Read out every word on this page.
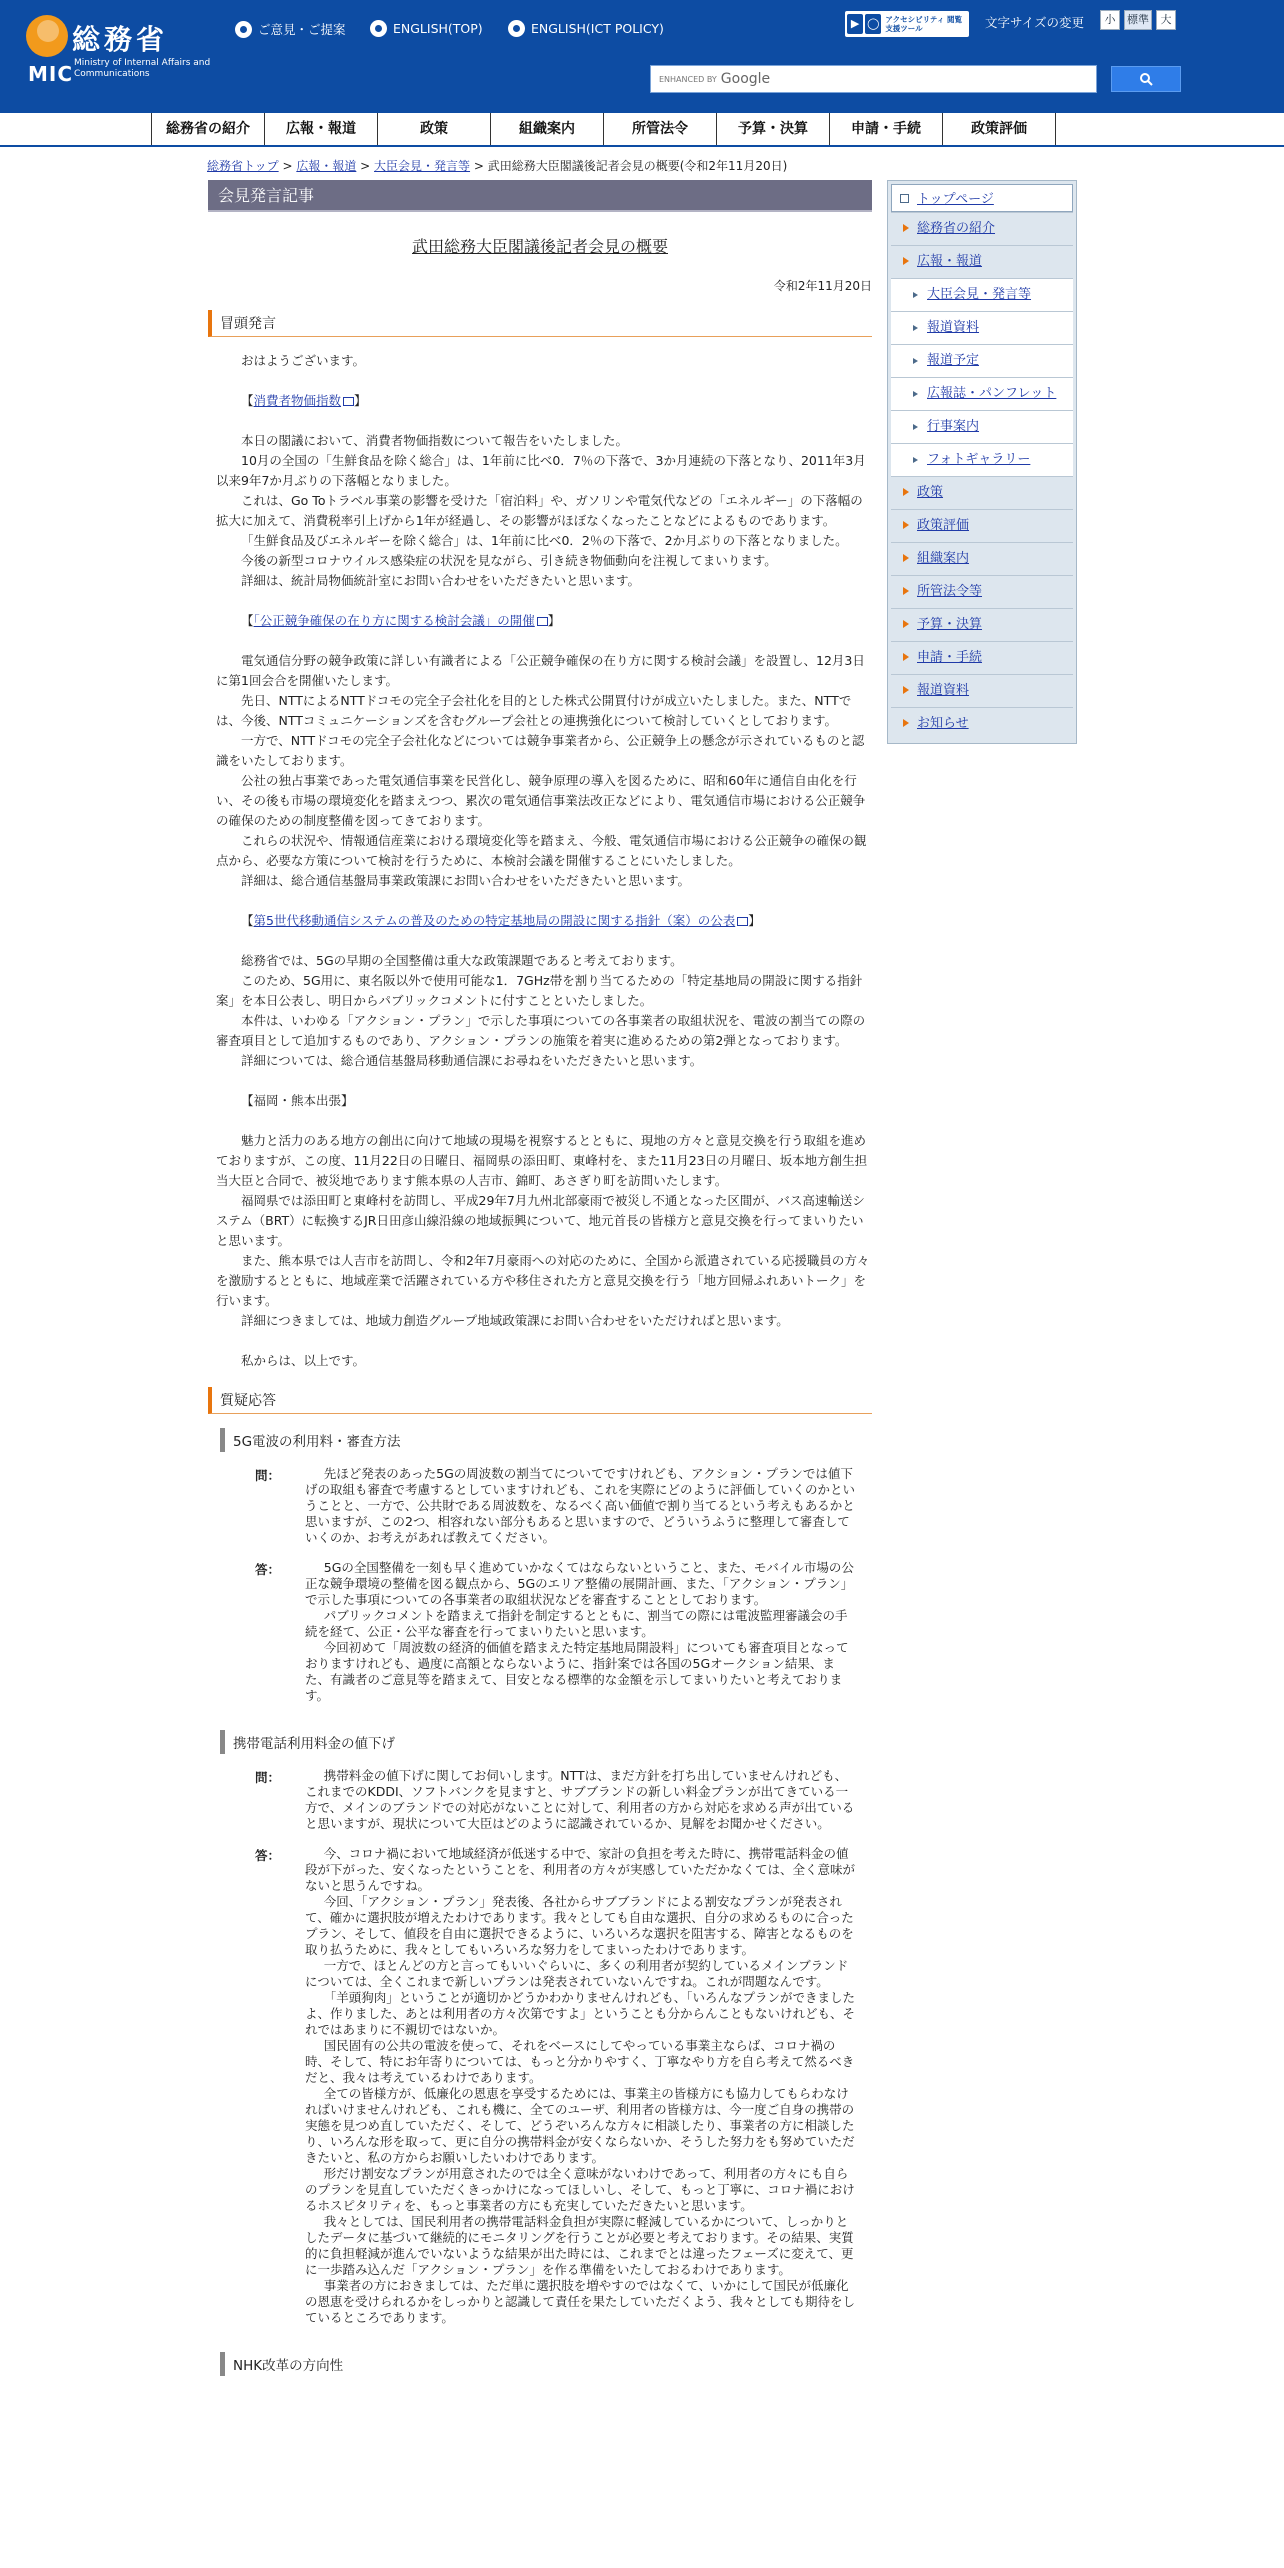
総務省
MIC Ministry of Internal Affairs and Communications
ご意見・ご提案	ENGLISH(TOP)	ENGLISH(ICT POLICY)	▶ ◯ アクセシビリティ 閲覧支援ツール	文字サイズの変更	小	標準	大
ENHANCED BY Google
総務省の紹介	広報・報道	政策	組織案内	所管法令	予算・決算	申請・手続	政策評価
総務省トップ > 広報・報道 > 大臣会見・発言等 > 武田総務大臣閣議後記者会見の概要(令和2年11月20日)
会見発言記事
武田総務大臣閣議後記者会見の概要
令和2年11月20日
冒頭発言

おはようございます。

【消費者物価指数 】

本日の閣議において、消費者物価指数について報告をいたしました。

10月の全国の「生鮮食品を除く総合」は、1年前に比べ0．7％の下落で、3か月連続の下落となり、2011年3月以来9年7か月ぶりの下落幅となりました。

これは、Go Toトラベル事業の影響を受けた「宿泊料」や、ガソリンや電気代などの「エネルギー」の下落幅の拡大に加えて、消費税率引上げから1年が経過し、その影響がほぼなくなったことなどによるものであります。

「生鮮食品及びエネルギーを除く総合」は、1年前に比べ0．2％の下落で、2か月ぶりの下落となりました。

今後の新型コロナウイルス感染症の状況を見ながら、引き続き物価動向を注視してまいります。

詳細は、統計局物価統計室にお問い合わせをいただきたいと思います。

【「公正競争確保の在り方に関する検討会議」の開催 】

電気通信分野の競争政策に詳しい有識者による「公正競争確保の在り方に関する検討会議」を設置し、12月3日に第1回会合を開催いたします。

先日、NTTによるNTTドコモの完全子会社化を目的とした株式公開買付けが成立いたしました。また、NTTでは、今後、NTTコミュニケーションズを含むグループ会社との連携強化について検討していくとしております。

一方で、NTTドコモの完全子会社化などについては競争事業者から、公正競争上の懸念が示されているものと認識をいたしております。

公社の独占事業であった電気通信事業を民営化し、競争原理の導入を図るために、昭和60年に通信自由化を行い、その後も市場の環境変化を踏まえつつ、累次の電気通信事業法改正などにより、電気通信市場における公正競争の確保のための制度整備を図ってきております。

これらの状況や、情報通信産業における環境変化等を踏まえ、今般、電気通信市場における公正競争の確保の観点から、必要な方策について検討を行うために、本検討会議を開催することにいたしました。

詳細は、総合通信基盤局事業政策課にお問い合わせをいただきたいと思います。

【第5世代移動通信システムの普及のための特定基地局の開設に関する指針（案）の公表 】

総務省では、5Gの早期の全国整備は重大な政策課題であると考えております。

このため、5G用に、東名阪以外で使用可能な1．7GHz帯を割り当てるための「特定基地局の開設に関する指針案」を本日公表し、明日からパブリックコメントに付すことといたしました。

本件は、いわゆる「アクション・プラン」で示した事項についての各事業者の取組状況を、電波の割当ての際の審査項目として追加するものであり、アクション・プランの施策を着実に進めるための第2弾となっております。

詳細については、総合通信基盤局移動通信課にお尋ねをいただきたいと思います。

【福岡・熊本出張】

魅力と活力のある地方の創出に向けて地域の現場を視察するとともに、現地の方々と意見交換を行う取組を進めておりますが、この度、11月22日の日曜日、福岡県の添田町、東峰村を、また11月23日の月曜日、坂本地方創生担当大臣と合同で、被災地であります熊本県の人吉市、錦町、あさぎり町を訪問いたします。

福岡県では添田町と東峰村を訪問し、平成29年7月九州北部豪雨で被災し不通となった区間が、バス高速輸送システム（BRT）に転換するJR日田彦山線沿線の地域振興について、地元首長の皆様方と意見交換を行ってまいりたいと思います。

また、熊本県では人吉市を訪問し、令和2年7月豪雨への対応のために、全国から派遣されている応援職員の方々を激励するとともに、地域産業で活躍されている方や移住された方と意見交換を行う「地方回帰ふれあいトーク」を行います。

詳細につきましては、地域力創造グループ地域政策課にお問い合わせをいただければと思います。

私からは、以上です。

質疑応答
5G電波の利用料・審査方法
問：	先ほど発表のあった5Gの周波数の割当てについてですけれども、アクション・プランでは値下げの取組も審査で考慮するとしていますけれども、これを実際にどのように評価していくのかということと、一方で、公共財である周波数を、なるべく高い価値で割り当てるという考えもあるかと思いますが、この2つ、相容れない部分もあると思いますので、どういうふうに整理して審査していくのか、お考えがあれば教えてください。

答：	5Gの全国整備を一刻も早く進めていかなくてはならないということ、また、モバイル市場の公正な競争環境の整備を図る観点から、5Gのエリア整備の展開計画、また、「アクション・プラン」で示した事項についての各事業者の取組状況などを審査することとしております。

パブリックコメントを踏まえて指針を制定するとともに、割当ての際には電波監理審議会の手続を経て、公正・公平な審査を行ってまいりたいと思います。

今回初めて「周波数の経済的価値を踏まえた特定基地局開設料」についても審査項目となっておりますけれども、過度に高額とならないように、指針案では各国の5Gオークション結果、また、有識者のご意見等を踏まえて、目安となる標準的な金額を示してまいりたいと考えております。

携帯電話利用料金の値下げ
問：	携帯料金の値下げに関してお伺いします。NTTは、まだ方針を打ち出していませんけれども、これまでのKDDI、ソフトバンクを見ますと、サブブランドの新しい料金プランが出てきている一方で、メインのブランドでの対応がないことに対して、利用者の方から対応を求める声が出ていると思いますが、現状について大臣はどのように認識されているか、見解をお聞かせください。

答：	今、コロナ禍において地域経済が低迷する中で、家計の負担を考えた時に、携帯電話料金の値段が下がった、安くなったということを、利用者の方々が実感していただかなくては、全く意味がないと思うんですね。

今回、「アクション・プラン」発表後、各社からサブブランドによる割安なプランが発表されて、確かに選択肢が増えたわけであります。我々としても自由な選択、自分の求めるものに合ったプラン、そして、値段を自由に選択できるように、いろいろな選択を阻害する、障害となるものを取り払うために、我々としてもいろいろな努力をしてまいったわけであります。

一方で、ほとんどの方と言ってもいいぐらいに、多くの利用者が契約しているメインブランドについては、全くこれまで新しいプランは発表されていないんですね。これが問題なんです。

「羊頭狗肉」ということが適切かどうかわかりませんけれども、「いろんなプランができましたよ、作りました、あとは利用者の方々次第ですよ」ということも分からんこともないけれども、それではあまりに不親切ではないか。

国民固有の公共の電波を使って、それをベースにしてやっている事業主ならば、コロナ禍の時、そして、特にお年寄りについては、もっと分かりやすく、丁寧なやり方を自ら考えて然るべきだと、我々は考えているわけであります。

全ての皆様方が、低廉化の恩恵を享受するためには、事業主の皆様方にも協力してもらわなければいけませんけれども、これも機に、全てのユーザ、利用者の皆様方は、今一度ご自身の携帯の実態を見つめ直していただく、そして、どうぞいろんな方々に相談したり、事業者の方に相談したり、いろんな形を取って、更に自分の携帯料金が安くならないか、そうした努力をも努めていただきたいと、私の方からお願いしたいわけであります。

形だけ割安なプランが用意されたのでは全く意味がないわけであって、利用者の方々にも自らのプランを見直していただくきっかけになってほしいし、そして、もっと丁寧に、コロナ禍におけるホスピタリティを、もっと事業者の方にも充実していただきたいと思います。

我々としては、国民利用者の携帯電話料金負担が実際に軽減しているかについて、しっかりとしたデータに基づいて継続的にモニタリングを行うことが必要と考えております。その結果、実質的に負担軽減が進んでいないような結果が出た時には、これまでとは違ったフェーズに変えて、更に一歩踏み込んだ「アクション・プラン」を作る準備をいたしておるわけであります。

事業者の方におきましては、ただ単に選択肢を増やすのではなくて、いかにして国民が低廉化の恩恵を受けられるかをしっかりと認識して責任を果たしていただくよう、我々としても期待をしているところであります。

NHK改革の方向性
トップページ
総務省の紹介
広報・報道
大臣会見・発言等
報道資料
報道予定
広報誌・パンフレット
行事案内
フォトギャラリー
政策
政策評価
組織案内
所管法令等
予算・決算
申請・手続
報道資料
お知らせ
